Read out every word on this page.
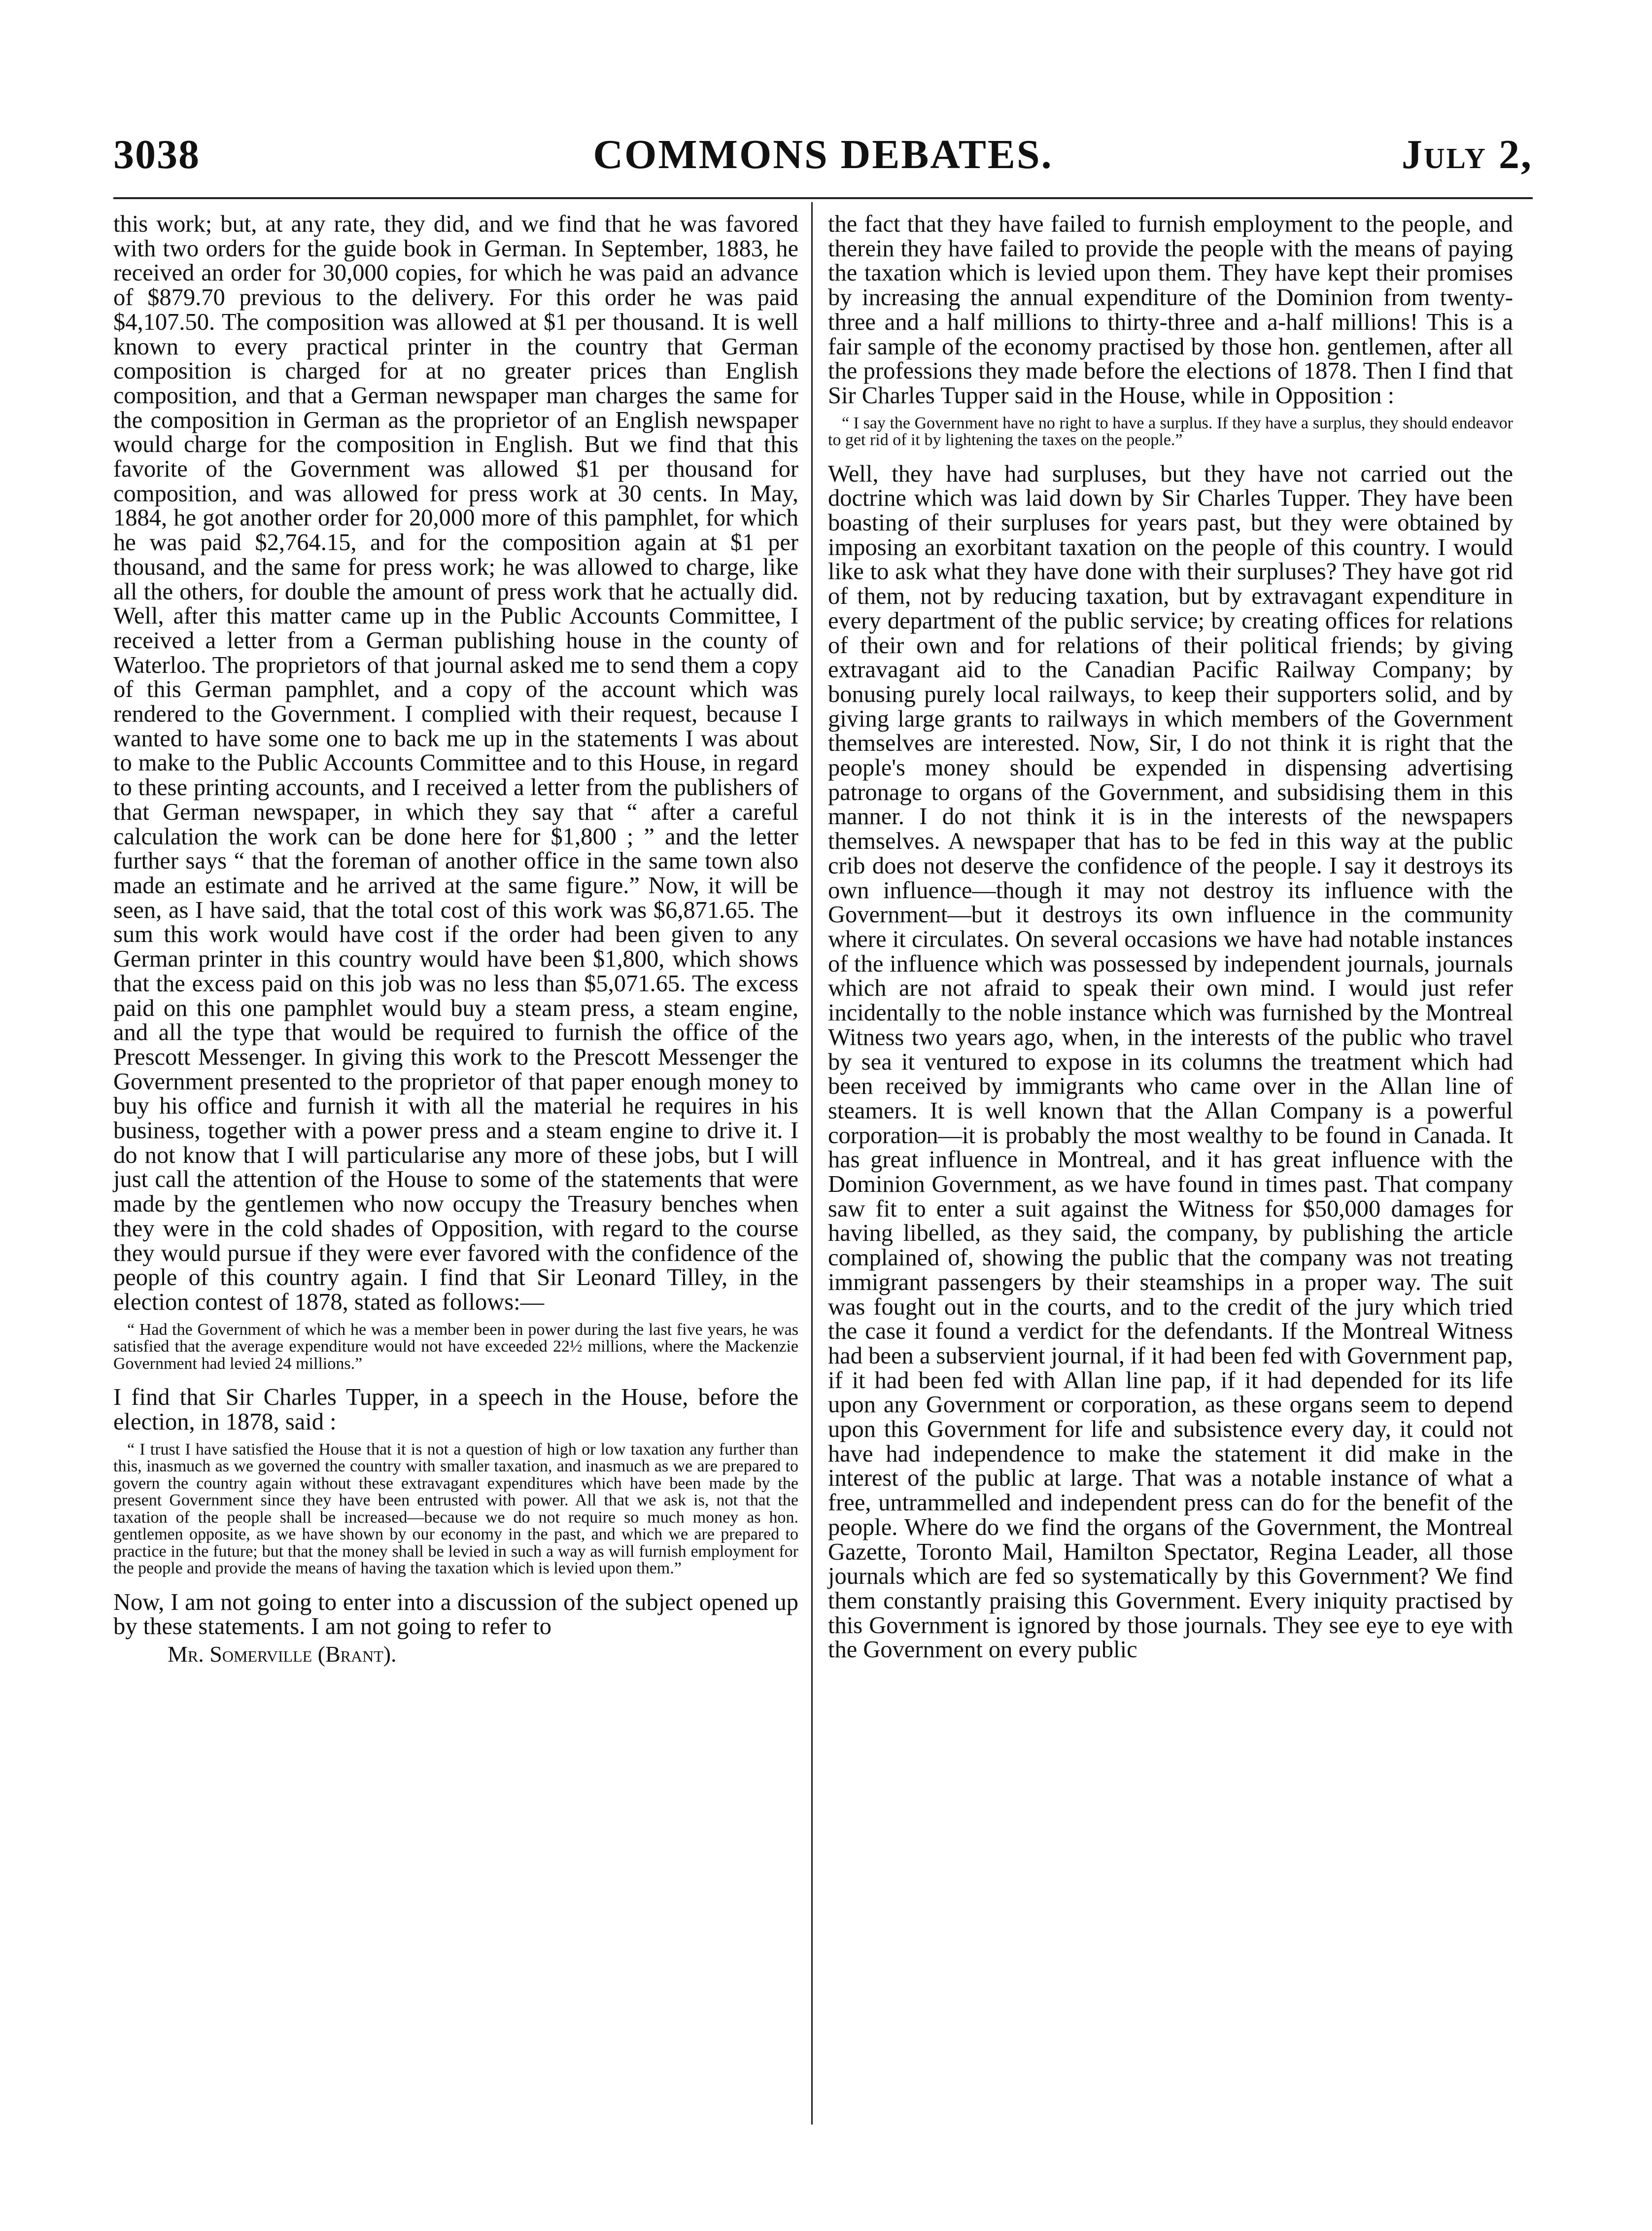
3038	COMMONS DEBATES.	July 2,

this work; but, at any rate, they did, and we find that he was favored with two orders for the guide book in German. In September, 1883, he received an order for 30,000 copies, for which he was paid an advance of $879.70 previous to the delivery. For this order he was paid $4,107.50. The composition was allowed at $1 per thousand. It is well known to every practical printer in the country that German composition is charged for at no greater prices than English composition, and that a German newspaper man charges the same for the composition in German as the proprietor of an English newspaper would charge for the composition in English. But we find that this favorite of the Government was allowed $1 per thousand for composition, and was allowed for press work at 30 cents. In May, 1884, he got another order for 20,000 more of this pamphlet, for which he was paid $2,764.15, and for the composition again at $1 per thousand, and the same for press work; he was allowed to charge, like all the others, for double the amount of press work that he actually did. Well, after this matter came up in the Public Accounts Committee, I received a letter from a German publishing house in the county of Waterloo. The proprietors of that journal asked me to send them a copy of this German pamphlet, and a copy of the account which was rendered to the Government. I complied with their request, because I wanted to have some one to back me up in the statements I was about to make to the Public Accounts Committee and to this House, in regard to these printing accounts, and I received a letter from the publishers of that German newspaper, in which they say that “ after a careful calculation the work can be done here for $1,800 ; ” and the letter further says “ that the foreman of another office in the same town also made an estimate and he arrived at the same figure.” Now, it will be seen, as I have said, that the total cost of this work was $6,871.65. The sum this work would have cost if the order had been given to any German printer in this country would have been $1,800, which shows that the excess paid on this job was no less than $5,071.65. The excess paid on this one pamphlet would buy a steam press, a steam engine, and all the type that would be required to furnish the office of the Prescott Messenger. In giving this work to the Prescott Messenger the Government presented to the proprietor of that paper enough money to buy his office and furnish it with all the material he requires in his business, together with a power press and a steam engine to drive it. I do not know that I will particularise any more of these jobs, but I will just call the attention of the House to some of the statements that were made by the gentlemen who now occupy the Treasury benches when they were in the cold shades of Opposition, with regard to the course they would pursue if they were ever favored with the confidence of the people of this country again. I find that Sir Leonard Tilley, in the election contest of 1878, stated as follows:—

“ Had the Government of which he was a member been in power during the last five years, he was satisfied that the average expenditure would not have exceeded 22½ millions, where the Mackenzie Government had levied 24 millions.”

I find that Sir Charles Tupper, in a speech in the House, before the election, in 1878, said :

“ I trust I have satisfied the House that it is not a question of high or low taxation any further than this, inasmuch as we governed the country with smaller taxation, and inasmuch as we are prepared to govern the country again without these extravagant expenditures which have been made by the present Government since they have been entrusted with power. All that we ask is, not that the taxation of the people shall be increased—because we do not require so much money as hon. gentlemen opposite, as we have shown by our economy in the past, and which we are prepared to practice in the future; but that the money shall be levied in such a way as will furnish employment for the people and provide the means of having the taxation which is levied upon them.”

Now, I am not going to enter into a discussion of the subject opened up by these statements. I am not going to refer to

Mr. Somerville (Brant).

the fact that they have failed to furnish employment to the people, and therein they have failed to provide the people with the means of paying the taxation which is levied upon them. They have kept their promises by increasing the annual expenditure of the Dominion from twenty-three and a half millions to thirty-three and a-half millions! This is a fair sample of the economy practised by those hon. gentlemen, after all the professions they made before the elections of 1878. Then I find that Sir Charles Tupper said in the House, while in Opposition :

“ I say the Government have no right to have a surplus. If they have a surplus, they should endeavor to get rid of it by lightening the taxes on the people.”

Well, they have had surpluses, but they have not carried out the doctrine which was laid down by Sir Charles Tupper. They have been boasting of their surpluses for years past, but they were obtained by imposing an exorbitant taxation on the people of this country. I would like to ask what they have done with their surpluses? They have got rid of them, not by reducing taxation, but by extravagant expenditure in every department of the public service; by creating offices for relations of their own and for relations of their political friends; by giving extravagant aid to the Canadian Pacific Railway Company; by bonusing purely local railways, to keep their supporters solid, and by giving large grants to railways in which members of the Government themselves are interested. Now, Sir, I do not think it is right that the people's money should be expended in dispensing advertising patronage to organs of the Government, and subsidising them in this manner. I do not think it is in the interests of the newspapers themselves. A newspaper that has to be fed in this way at the public crib does not deserve the confidence of the people. I say it destroys its own influence—though it may not destroy its influence with the Government—but it destroys its own influence in the community where it circulates. On several occasions we have had notable instances of the influence which was possessed by independent journals, journals which are not afraid to speak their own mind. I would just refer incidentally to the noble instance which was furnished by the Montreal Witness two years ago, when, in the interests of the public who travel by sea it ventured to expose in its columns the treatment which had been received by immigrants who came over in the Allan line of steamers. It is well known that the Allan Company is a powerful corporation—it is probably the most wealthy to be found in Canada. It has great influence in Montreal, and it has great influence with the Dominion Government, as we have found in times past. That company saw fit to enter a suit against the Witness for $50,000 damages for having libelled, as they said, the company, by publishing the article complained of, showing the public that the company was not treating immigrant passengers by their steamships in a proper way. The suit was fought out in the courts, and to the credit of the jury which tried the case it found a verdict for the defendants. If the Montreal Witness had been a subservient journal, if it had been fed with Government pap, if it had been fed with Allan line pap, if it had depended for its life upon any Government or corporation, as these organs seem to depend upon this Government for life and subsistence every day, it could not have had independence to make the statement it did make in the interest of the public at large. That was a notable instance of what a free, untrammelled and independent press can do for the benefit of the people. Where do we find the organs of the Government, the Montreal Gazette, Toronto Mail, Hamilton Spectator, Regina Leader, all those journals which are fed so systematically by this Government? We find them constantly praising this Government. Every iniquity practised by this Government is ignored by those journals. They see eye to eye with the Government on every public
